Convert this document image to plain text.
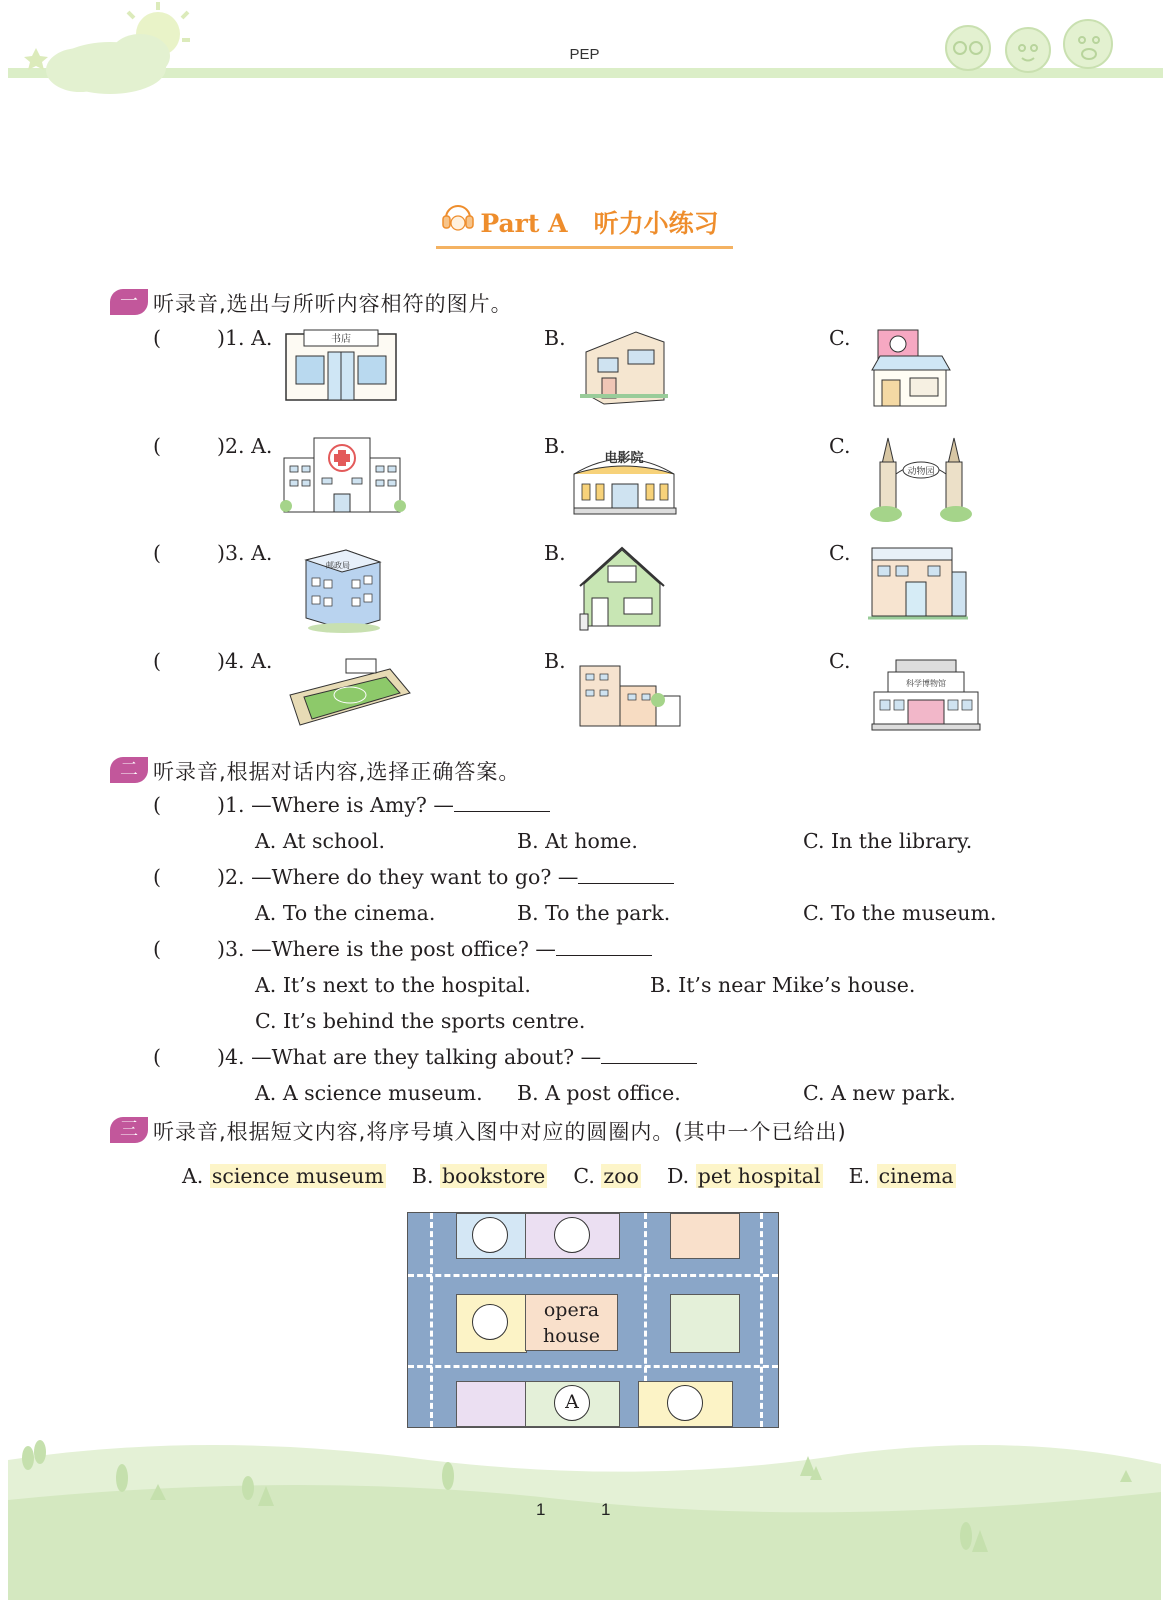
PEP
Part A 听力小练习
一 听录音,选出与所听内容相符的图片。
(	)1. A.	B.	C.
书店
(	)2. A.	B.	C.
电影院
动物园
(	)3. A.	B.	C.
邮政局
(	)4. A.	B.	C.
科学博物馆
二 听录音,根据对话内容,选择正确答案。
(	)1. —Where is Amy? —
A. At school.	B. At home.	C. In the library.
(	)2. —Where do they want to go? —
A. To the cinema.	B. To the park.	C. To the museum.
(	)3. —Where is the post office? —
A. It’s next to the hospital.	B. It’s near Mike’s house.
C. It’s behind the sports centre.
(	)4. —What are they talking about? —
A. A science museum. B. A post office.	C. A new park.
三 听录音,根据短文内容,将序号填入图中对应的圆圈内。(其中一个已给出)
A. science museum B. bookstore C. zoo D. pet hospital E. cinema
opera
house
A
1	1
